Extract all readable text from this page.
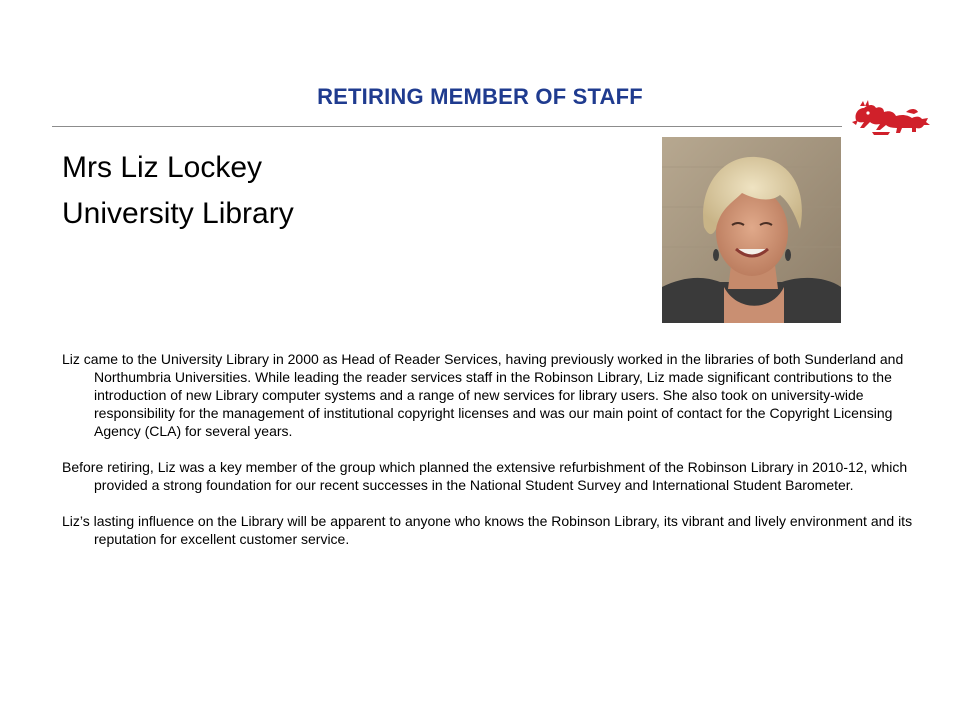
RETIRING MEMBER OF STAFF
Mrs Liz Lockey
University Library

Liz came to the University Library in 2000 as Head of Reader Services, having previously worked in the libraries of both Sunderland and Northumbria Universities. While leading the reader services staff in the Robinson Library, Liz made significant contributions to the introduction of new Library computer systems and a range of new services for library users. She also took on university-wide responsibility for the management of institutional copyright licenses and was our main point of contact for the Copyright Licensing Agency (CLA) for several years.

Before retiring, Liz was a key member of the group which planned the extensive refurbishment of the Robinson Library in 2010-12, which provided a strong foundation for our recent successes in the National Student Survey and International Student Barometer.

Liz’s lasting influence on the Library will be apparent to anyone who knows the Robinson Library, its vibrant and lively environment and its reputation for excellent customer service.
